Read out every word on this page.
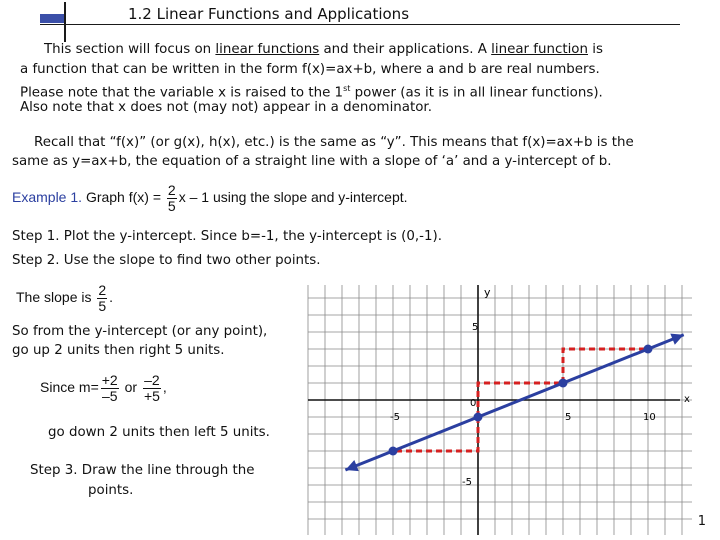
1.2 Linear Functions and Applications
This section will focus on linear functions and their applications. A linear function is
a function that can be written in the form f(x)=ax+b, where a and b are real numbers.
Please note that the variable x is raised to the 1st power (as it is in all linear functions).
Also note that x does not (may not) appear in a denominator.
Recall that “f(x)” (or g(x), h(x), etc.) is the same as “y”. This means that f(x)=ax+b is the
same as y=ax+b, the equation of a straight line with a slope of ‘a’ and a y-intercept of b.
Example 1. Graph $f(x) = \frac{2}{5}$ x – 1 using the slope and y-intercept.
Step 1. Plot the y-intercept. Since b=-1, the y-intercept is (0,-1).
Step 2. Use the slope to find two other points.
The slope is $\frac{2}{5}$ .
So from the y-intercept (or any point),
go up 2 units then right 5 units.
Since $m= \frac{+2}{-5}$ or $\frac{-2}{+5}$ ,
go down 2 units then left 5 units.
Step 3. Draw the line through the
points.
x
y
5
-5
-5
0
5	10
1
